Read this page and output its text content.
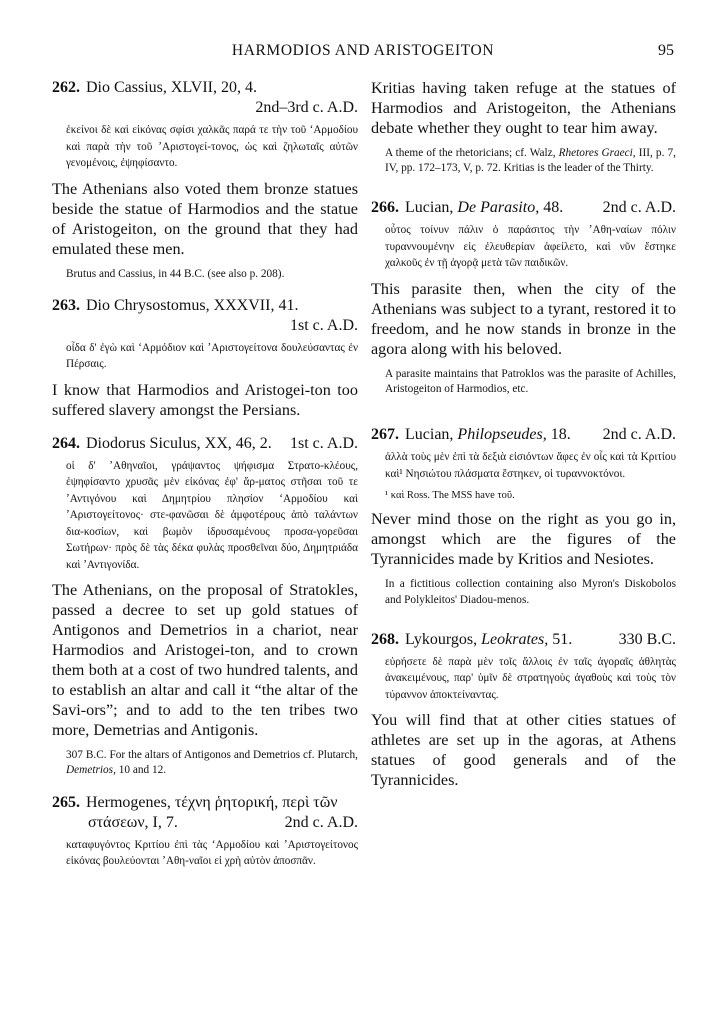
HARMODIOS AND ARISTOGEITON	95
262. Dio Cassius, XLVII, 20, 4.
2nd–3rd c. A.D.
ἐκείνοι δὲ καὶ εἰκόνας σφίσι χαλκᾶς παρά τε τὴν τοῦ ʻΑρμοδίου καὶ παρὰ τὴν τοῦ ʼΑριστογεί-τονος, ὡς καὶ ζηλωταῖς αὐτῶν γενομένοις, ἐψηφίσαντο.
The Athenians also voted them bronze statues beside the statue of Harmodios and the statue of Aristogeiton, on the ground that they had emulated these men.
Brutus and Cassius, in 44 B.C. (see also p. 208).
263. Dio Chrysostomus, XXXVII, 41.
1st c. A.D.
οἶδα δ' ἐγὼ καὶ ʻΑρμόδιον καὶ ʼΑριστογείτονα δουλεύσαντας ἐν Πέρσαις.
I know that Harmodios and Aristogei-ton too suffered slavery amongst the Persians.
264. Diodorus Siculus, XX, 46, 2. 1st c. A.D.
οἱ δ' ʼΑθηναῖοι, γράψαντος ψήφισμα Στρατο-κλέους, ἐψηφίσαντο χρυσᾶς μὲν εἰκόνας ἐφ' ἅρ-ματος στῆσαι τοῦ τε ʼΑντιγόνου καὶ Δημητρίου πλησίον ʻΑρμοδίου καὶ ʼΑριστογείτονος· στε-φανῶσαι δὲ ἀμφοτέρους ἀπὸ ταλάντων δια-κοσίων, καὶ βωμὸν ἱδρυσαμένους προσα-γορεῦσαι Σωτήρων· πρὸς δὲ τὰς δέκα φυλὰς προσθεῖναι δύο, Δημητριάδα καὶ ʼΑντιγονίδα.
The Athenians, on the proposal of Stratokles, passed a decree to set up gold statues of Antigonos and Demetrios in a chariot, near Harmodios and Aristogei-ton, and to crown them both at a cost of two hundred talents, and to establish an altar and call it “the altar of the Savi-ors”; and to add to the ten tribes two more, Demetrias and Antigonis.
307 B.C. For the altars of Antigonos and Demetrios cf. Plutarch, Demetrios, 10 and 12.
265. Hermogenes, τέχνη ῥητορική, περὶ τῶν
στάσεων, I, 7.	2nd c. A.D.
καταφυγόντος Κριτίου ἐπὶ τὰς ʻΑρμοδίου καὶ ʼΑριστογείτονος εἰκόνας βουλεύονται ʼΑθη-ναῖοι εἰ χρὴ αὐτὸν ἀποσπᾶν.
Kritias having taken refuge at the statues of Harmodios and Aristogeiton, the Athenians debate whether they ought to tear him away.
A theme of the rhetoricians; cf. Walz, Rhetores Graeci, III, p. 7, IV, pp. 172–173, V, p. 72. Kritias is the leader of the Thirty.
266. Lucian, De Parasito, 48. 2nd c. A.D.
οὗτος τοίνυν πάλιν ὁ παράσιτος τὴν ʼΑθη-ναίων πόλιν τυραννουμένην εἰς ἐλευθερίαν ἀφείλετο, καὶ νῦν ἕστηκε χαλκοῦς ἐν τῇ ἀγορᾷ μετὰ τῶν παιδικῶν.
This parasite then, when the city of the Athenians was subject to a tyrant, restored it to freedom, and he now stands in bronze in the agora along with his beloved.
A parasite maintains that Patroklos was the parasite of Achilles, Aristogeiton of Harmodios, etc.
267. Lucian, Philopseudes, 18. 2nd c. A.D.
ἀλλὰ τοὺς μὲν ἐπὶ τὰ δεξιὰ εἰσιόντων ἄφες ἐν οἷς καὶ τὰ Κριτίου καὶ¹ Νησιώτου πλάσματα ἕστηκεν, οἱ τυραννοκτόνοι.
¹ καὶ Ross. The MSS have τοῦ.
Never mind those on the right as you go in, amongst which are the figures of the Tyrannicides made by Kritios and Nesiotes.
In a fictitious collection containing also Myron's Diskobolos and Polykleitos' Diadou-menos.
268. Lykourgos, Leokrates, 51.	330 B.C.
εὑρήσετε δὲ παρὰ μὲν τοῖς ἄλλοις ἐν ταῖς ἀγοραῖς ἀθλητὰς ἀνακειμένους, παρ' ὑμῖν δὲ στρατηγοὺς ἀγαθοὺς καὶ τοὺς τὸν τύραννον ἀποκτείναντας.
You will find that at other cities statues of athletes are set up in the agoras, at Athens statues of good generals and of the Tyrannicides.
